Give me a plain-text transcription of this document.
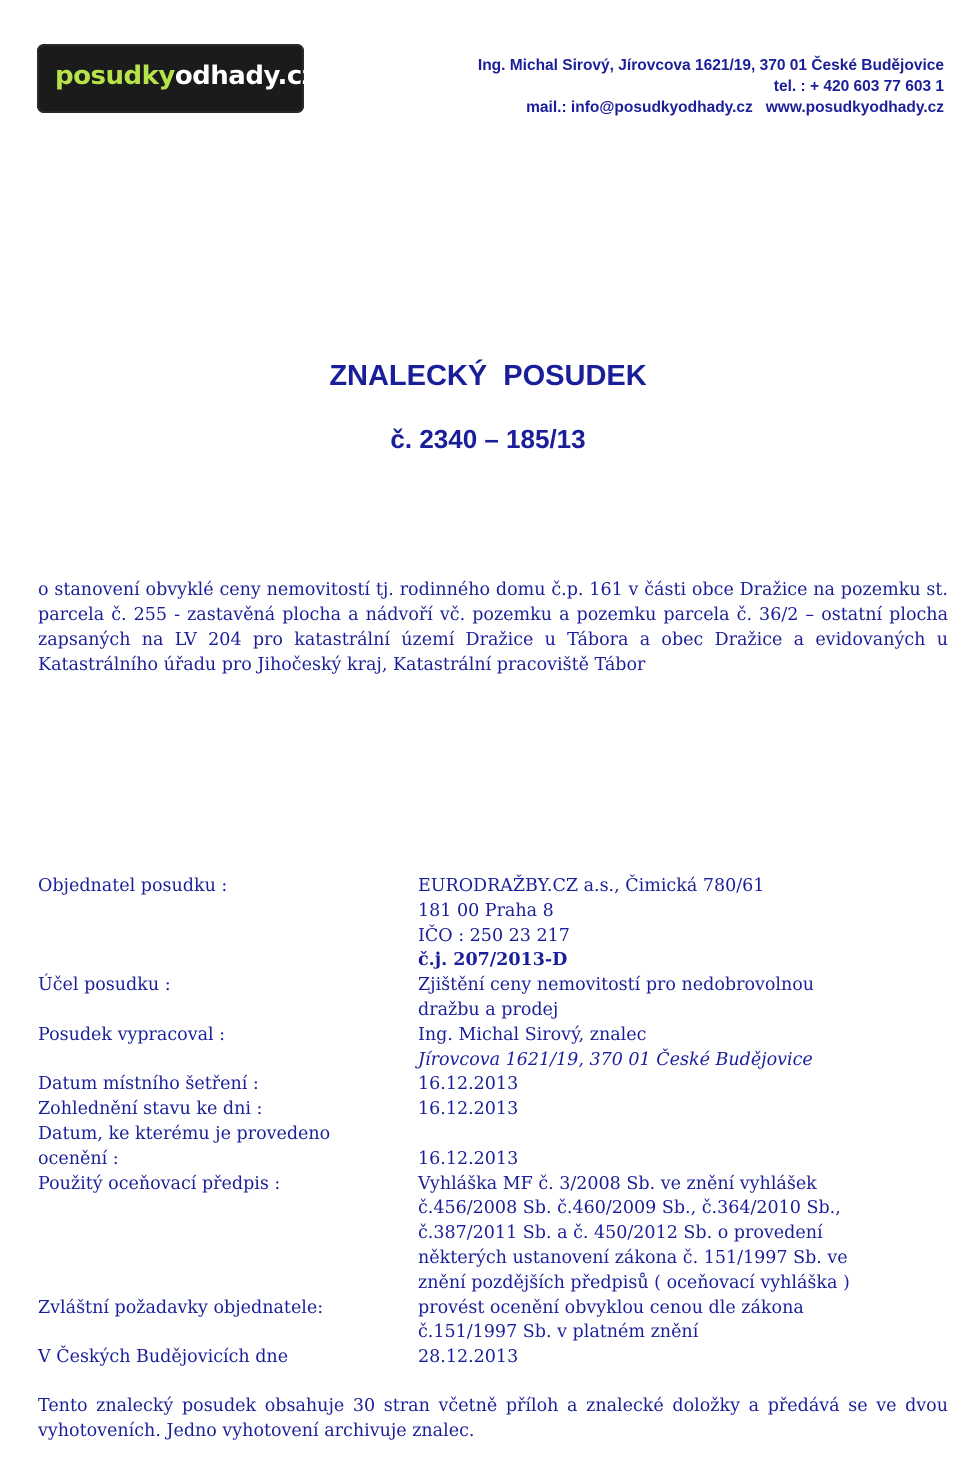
posudkyodhady.cz	Ing. Michal Sirový, Jírovcova 1621/19, 370 01 České Budějovice
tel. : + 420 603 77 603 1
mail.: info@posudkyodhady.cz   www.posudkyodhady.cz
ZNALECKÝ POSUDEK
č. 2340 – 185/13
o stanovení obvyklé ceny nemovitostí tj. rodinného domu č.p. 161 v části obce Dražice na pozemku st. parcela č. 255 - zastavěná plocha a nádvoří vč. pozemku a pozemku parcela č. 36/2 – ostatní plocha zapsaných na LV 204 pro katastrální území Dražice u Tábora a obec Dražice a evidovaných u Katastrálního úřadu pro Jihočeský kraj, Katastrální pracoviště Tábor
Objednatel posudku :	EURODRAŽBY.CZ a.s., Čimická 780/61
181 00 Praha 8
IČO : 250 23 217
č.j. 207/2013-D
Účel posudku :	Zjištění ceny nemovitostí pro nedobrovolnou
dražbu a prodej
Posudek vypracoval :	Ing. Michal Sirový, znalec
Jírovcova 1621/19, 370 01 České Budějovice
Datum místního šetření :	16.12.2013
Zohlednění stavu ke dni :	16.12.2013
Datum, ke kterému je provedeno
ocenění :
	16.12.2013
Použitý oceňovací předpis :	Vyhláška MF č. 3/2008 Sb. ve znění vyhlášek
č.456/2008 Sb. č.460/2009 Sb., č.364/2010 Sb.,
č.387/2011 Sb. a č. 450/2012 Sb. o provedení
některých ustanovení zákona č. 151/1997 Sb. ve
znění pozdějších předpisů ( oceňovací vyhláška )
Zvláštní požadavky objednatele:	provést ocenění obvyklou cenou dle zákona
č.151/1997 Sb. v platném znění
V Českých Budějovicích dne	28.12.2013
Tento znalecký posudek obsahuje 30 stran včetně příloh a znalecké doložky a předává se ve dvou vyhotoveních. Jedno vyhotovení archivuje znalec.
